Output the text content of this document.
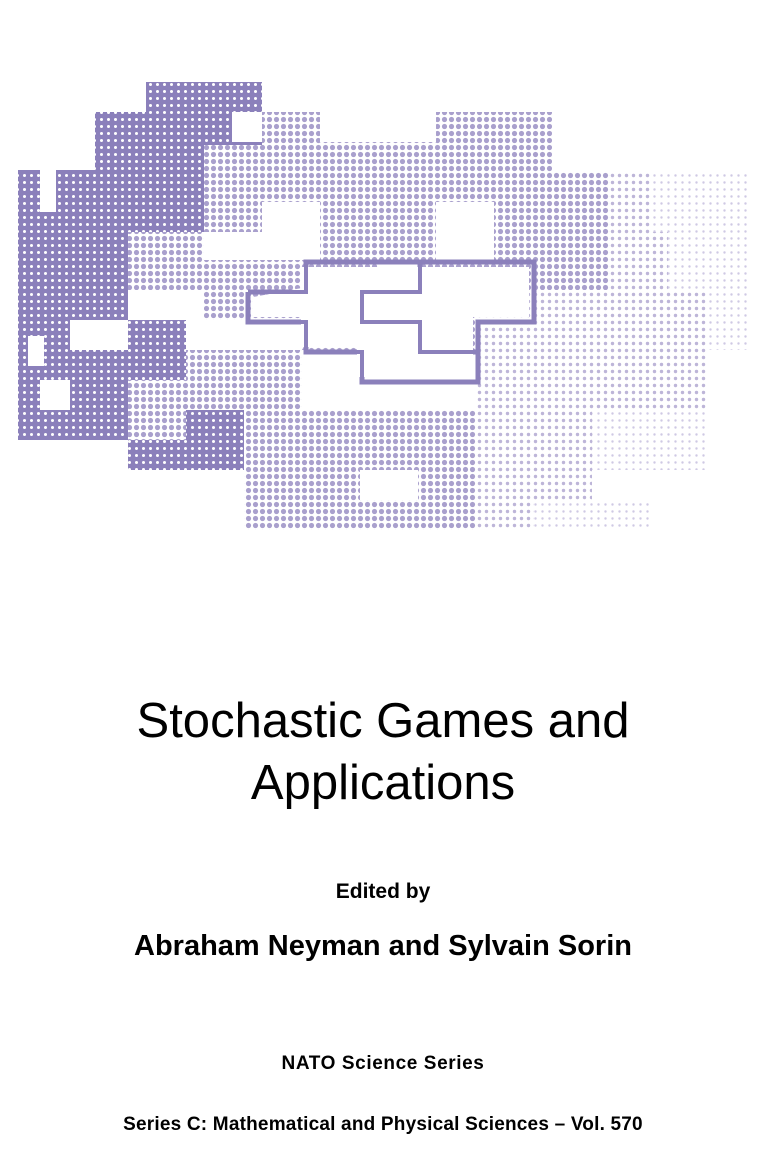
Stochastic Games and
Applications
Edited by
Abraham Neyman and Sylvain Sorin
NATO Science Series
Series C: Mathematical and Physical Sciences – Vol. 570
